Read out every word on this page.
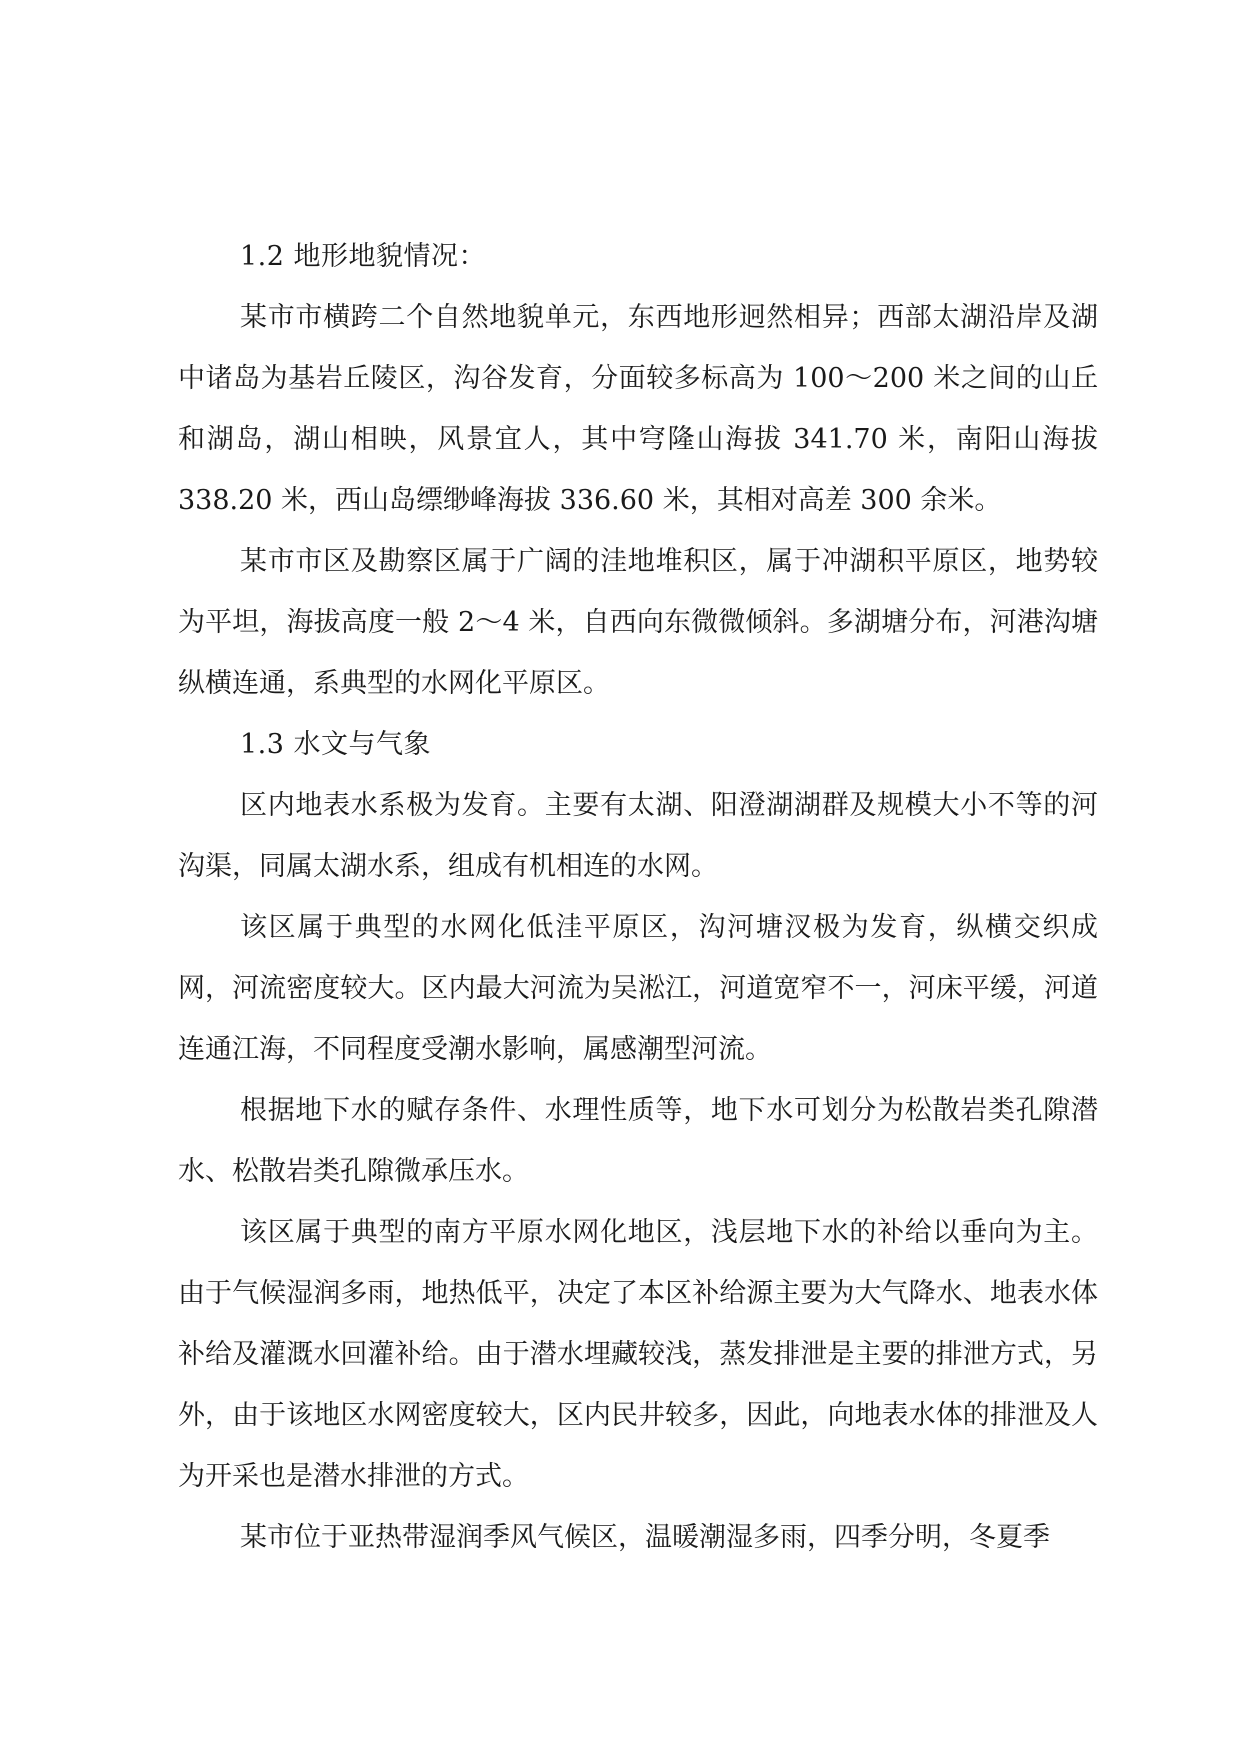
1.2 地形地貌情况：

某市市横跨二个自然地貌单元，东西地形迥然相异；西部太湖沿岸及湖中诸岛为基岩丘陵区，沟谷发育，分面较多标高为 100～200 米之间的山丘和湖岛，湖山相映，风景宜人，其中穹隆山海拔 341.70 米，南阳山海拔 338.20 米，西山岛缥缈峰海拔 336.60 米，其相对高差 300 余米。

某市市区及勘察区属于广阔的洼地堆积区，属于冲湖积平原区，地势较为平坦，海拔高度一般 2～4 米，自西向东微微倾斜。多湖塘分布，河港沟塘纵横连通，系典型的水网化平原区。

1.3 水文与气象

区内地表水系极为发育。主要有太湖、阳澄湖湖群及规模大小不等的河沟渠，同属太湖水系，组成有机相连的水网。

该区属于典型的水网化低洼平原区，沟河塘汊极为发育，纵横交织成网，河流密度较大。区内最大河流为吴淞江，河道宽窄不一，河床平缓，河道连通江海，不同程度受潮水影响，属感潮型河流。

根据地下水的赋存条件、水理性质等，地下水可划分为松散岩类孔隙潜水、松散岩类孔隙微承压水。

该区属于典型的南方平原水网化地区，浅层地下水的补给以垂向为主。由于气候湿润多雨，地热低平，决定了本区补给源主要为大气降水、地表水体补给及灌溉水回灌补给。由于潜水埋藏较浅，蒸发排泄是主要的排泄方式，另外，由于该地区水网密度较大，区内民井较多，因此，向地表水体的排泄及人为开采也是潜水排泄的方式。

某市位于亚热带湿润季风气候区，温暖潮湿多雨，四季分明，冬夏季
